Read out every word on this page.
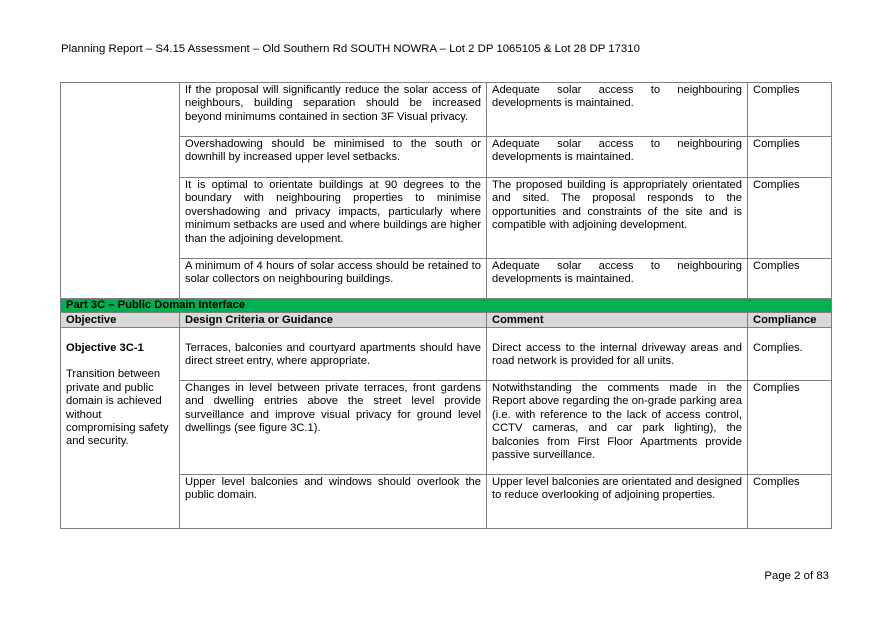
Planning Report – S4.15 Assessment – Old Southern Rd SOUTH NOWRA – Lot 2 DP 1065105 & Lot 28 DP 17310
	If the proposal will significantly reduce the solar access of neighbours, building separation should be increased beyond minimums contained in section 3F Visual privacy.	Adequate solar access to neighbouring developments is maintained.	Complies
	Overshadowing should be minimised to the south or downhill by increased upper level setbacks.	Adequate solar access to neighbouring developments is maintained.	Complies
	It is optimal to orientate buildings at 90 degrees to the boundary with neighbouring properties to minimise overshadowing and privacy impacts, particularly where minimum setbacks are used and where buildings are higher than the adjoining development.	The proposed building is appropriately orientated and sited. The proposal responds to the opportunities and constraints of the site and is compatible with adjoining development.	Complies
	A minimum of 4 hours of solar access should be retained to solar collectors on neighbouring buildings.	Adequate solar access to neighbouring developments is maintained.	Complies
Part 3C – Public Domain Interface			
Objective	Design Criteria or Guidance	Comment	Compliance

Objective 3C-1
Transition between private and public domain is achieved without compromising safety and security.	Terraces, balconies and courtyard apartments should have direct street entry, where appropriate.	Direct access to the internal driveway areas and road network is provided for all units.	Complies.
	Changes in level between private terraces, front gardens and dwelling entries above the street level provide surveillance and improve visual privacy for ground level dwellings (see figure 3C.1).	Notwithstanding the comments made in the Report above regarding the on-grade parking area (i.e. with reference to the lack of access control, CCTV cameras, and car park lighting), the balconies from First Floor Apartments provide passive surveillance.	Complies
	Upper level balconies and windows should overlook the public domain.	Upper level balconies are orientated and designed to reduce overlooking of adjoining properties.	Complies
Page 2 of 83
